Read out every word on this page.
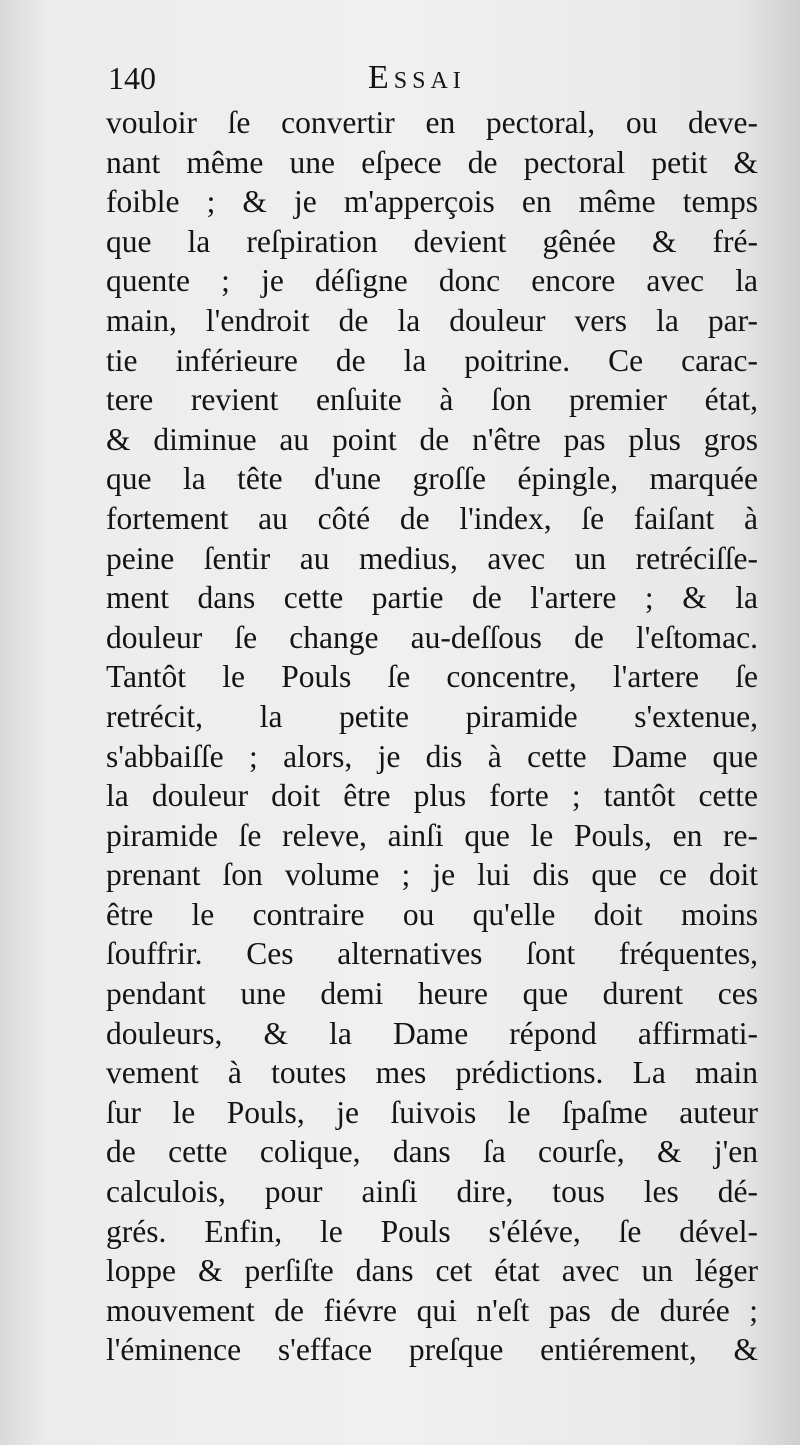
140	Essai
vouloir ſe convertir en pectoral, ou deve-
nant même une eſpece de pectoral petit &
foible ; & je m'apperçois en même temps
que la reſpiration devient gênée & fré-
quente ; je déſigne donc encore avec la
main, l'endroit de la douleur vers la par-
tie inférieure de la poitrine. Ce carac-
tere revient enſuite à ſon premier état,
& diminue au point de n'être pas plus gros
que la tête d'une groſſe épingle, marquée
fortement au côté de l'index, ſe faiſant à
peine ſentir au medius, avec un retréciſſe-
ment dans cette partie de l'artere ; & la
douleur ſe change au-deſſous de l'eſtomac.
Tantôt le Pouls ſe concentre, l'artere ſe
retrécit, la petite piramide s'extenue,
s'abbaiſſe ; alors, je dis à cette Dame que
la douleur doit être plus forte ; tantôt cette
piramide ſe releve, ainſi que le Pouls, en re-
prenant ſon volume ; je lui dis que ce doit
être le contraire ou qu'elle doit moins
ſouffrir. Ces alternatives ſont fréquentes,
pendant une demi heure que durent ces
douleurs, & la Dame répond affirmati-
vement à toutes mes prédictions. La main
ſur le Pouls, je ſuivois le ſpaſme auteur
de cette colique, dans ſa courſe, & j'en
calculois, pour ainſi dire, tous les dé-
grés. Enfin, le Pouls s'éléve, ſe dével-
loppe & perſiſte dans cet état avec un léger
mouvement de fiévre qui n'eſt pas de durée ;
l'éminence s'efface preſque entiérement, &
